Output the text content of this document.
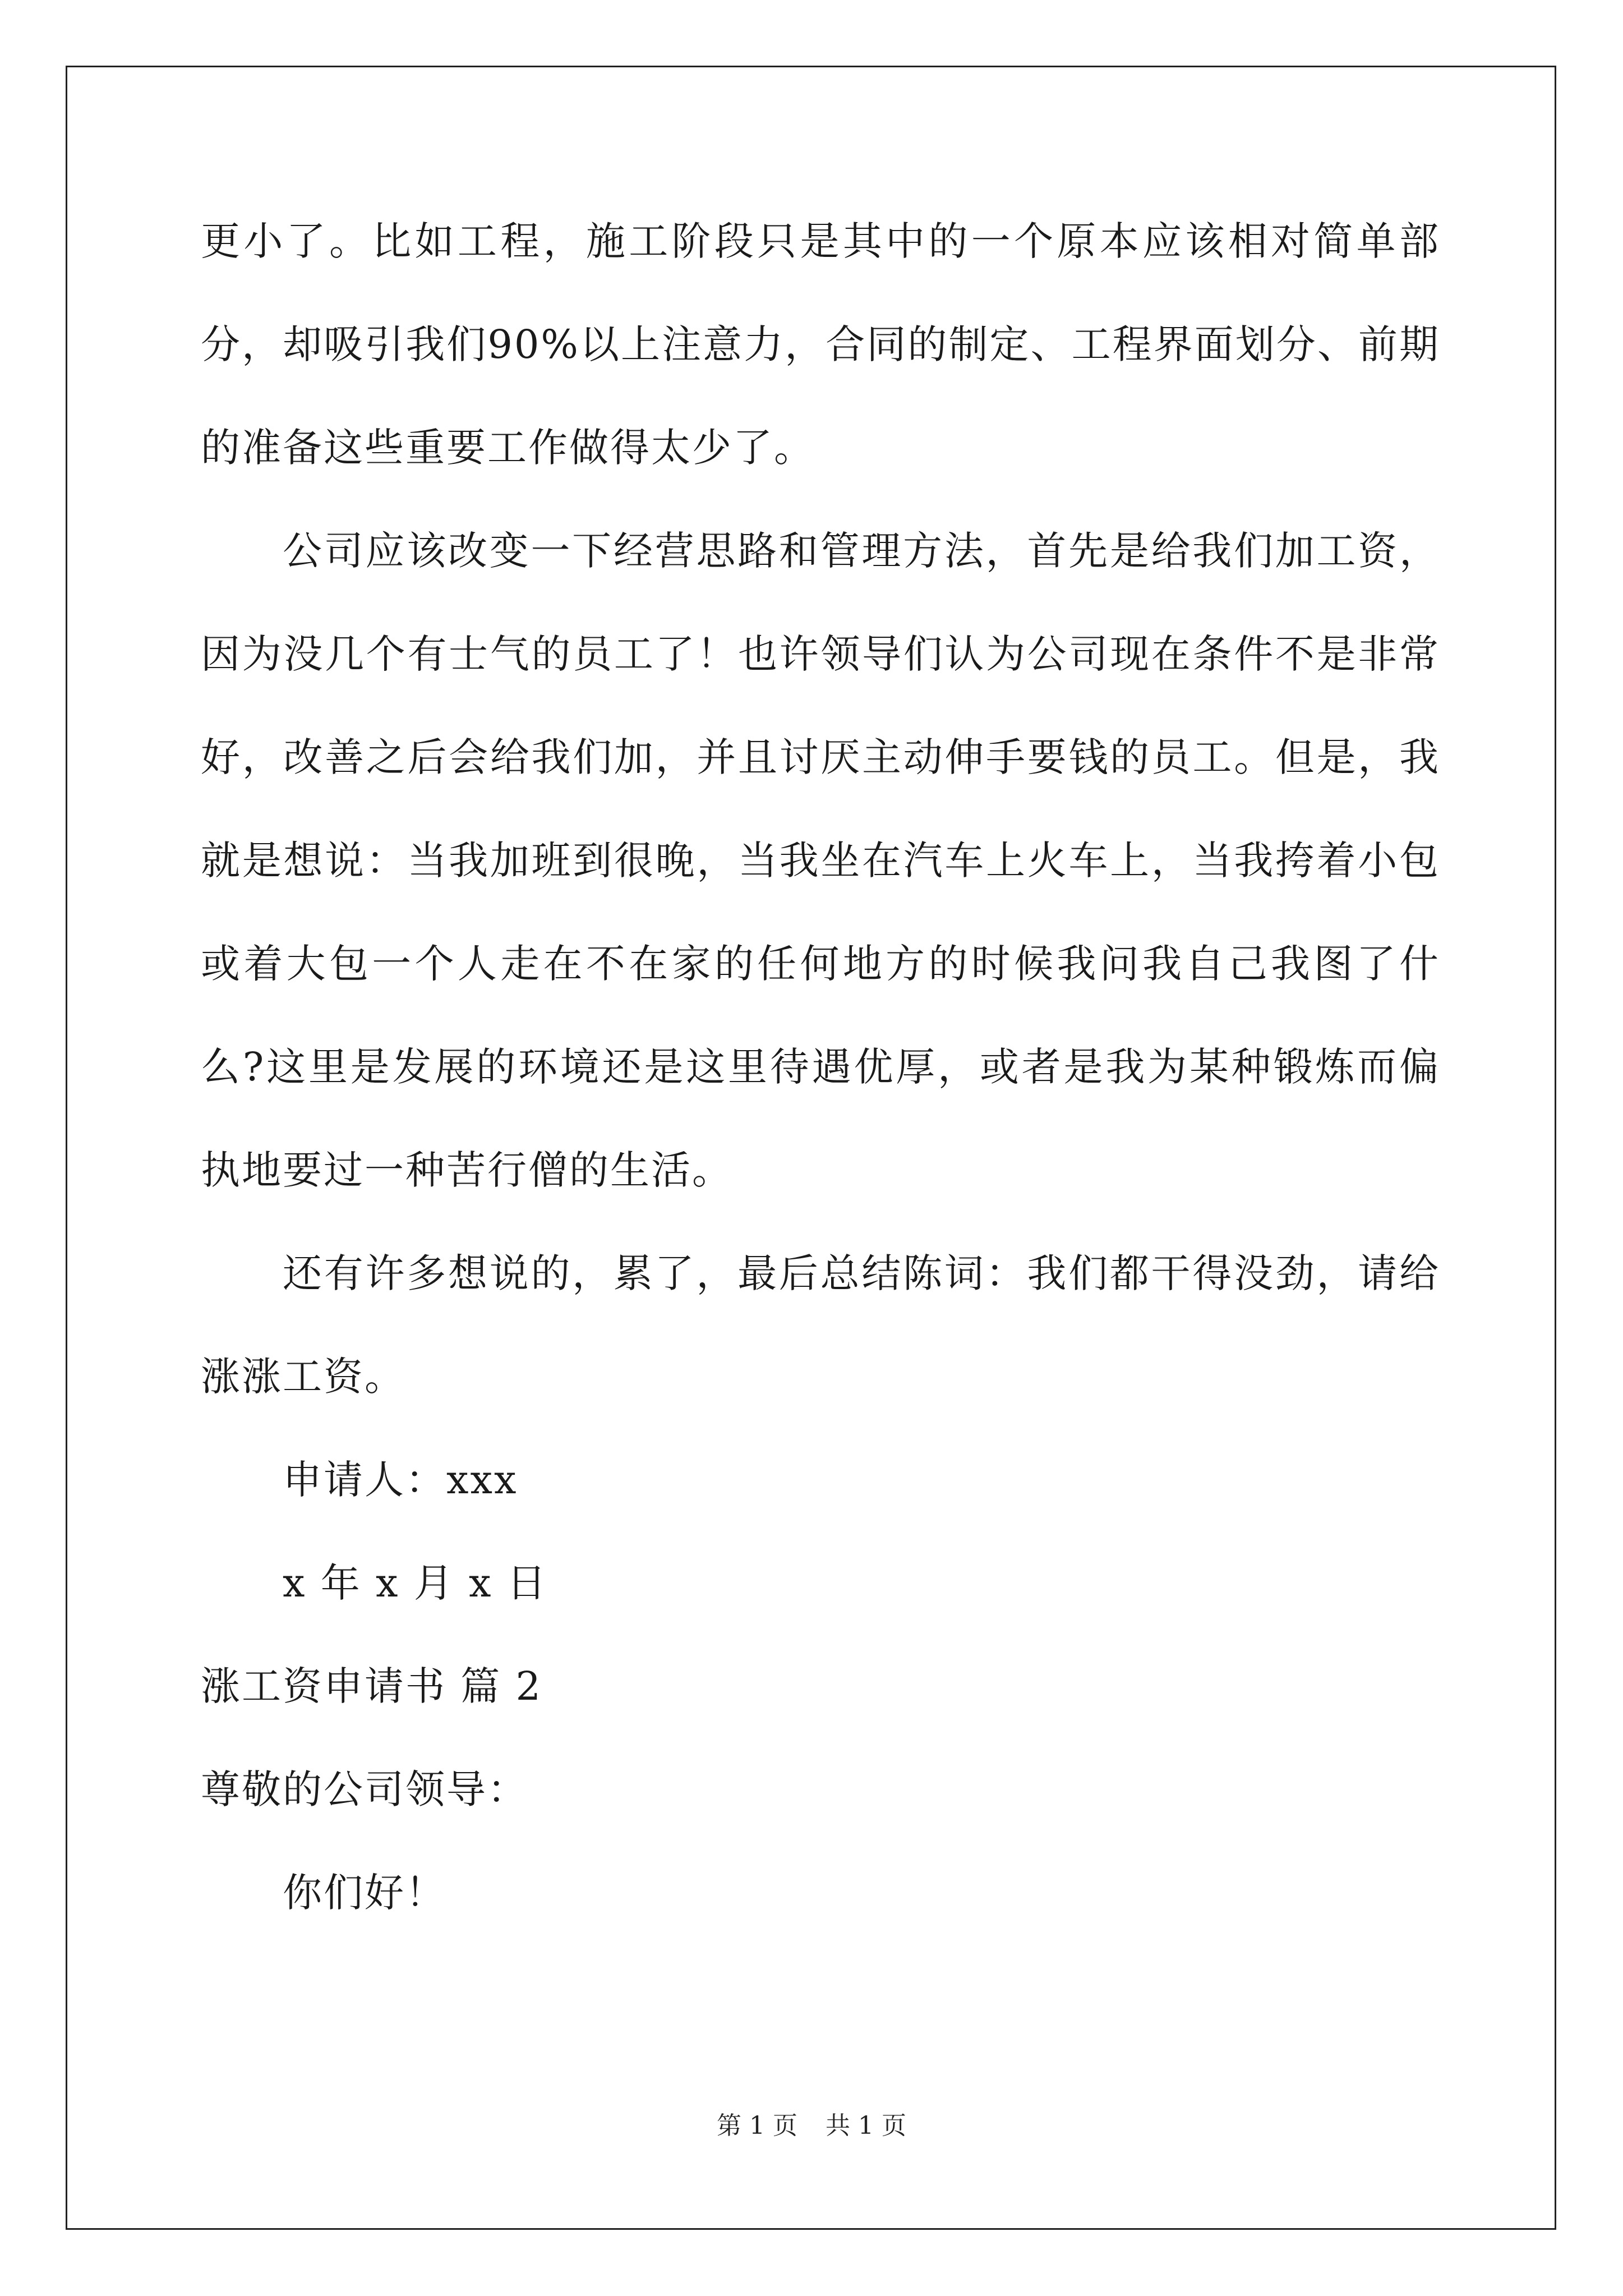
更小了。比如工程，施工阶段只是其中的一个原本应该相对简单部分，却吸引我们90%以上注意力，合同的制定、工程界面划分、前期的准备这些重要工作做得太少了。

公司应该改变一下经营思路和管理方法，首先是给我们加工资，因为没几个有士气的员工了！也许领导们认为公司现在条件不是非常好，改善之后会给我们加，并且讨厌主动伸手要钱的员工。但是，我就是想说：当我加班到很晚，当我坐在汽车上火车上，当我挎着小包或着大包一个人走在不在家的任何地方的时候我问我自己我图了什么?这里是发展的环境还是这里待遇优厚，或者是我为某种锻炼而偏执地要过一种苦行僧的生活。

还有许多想说的，累了，最后总结陈词：我们都干得没劲，请给涨涨工资。

申请人：xxx

x 年 x 月 x 日

涨工资申请书 篇 2

尊敬的公司领导：

你们好！

第 1 页 共 1 页
